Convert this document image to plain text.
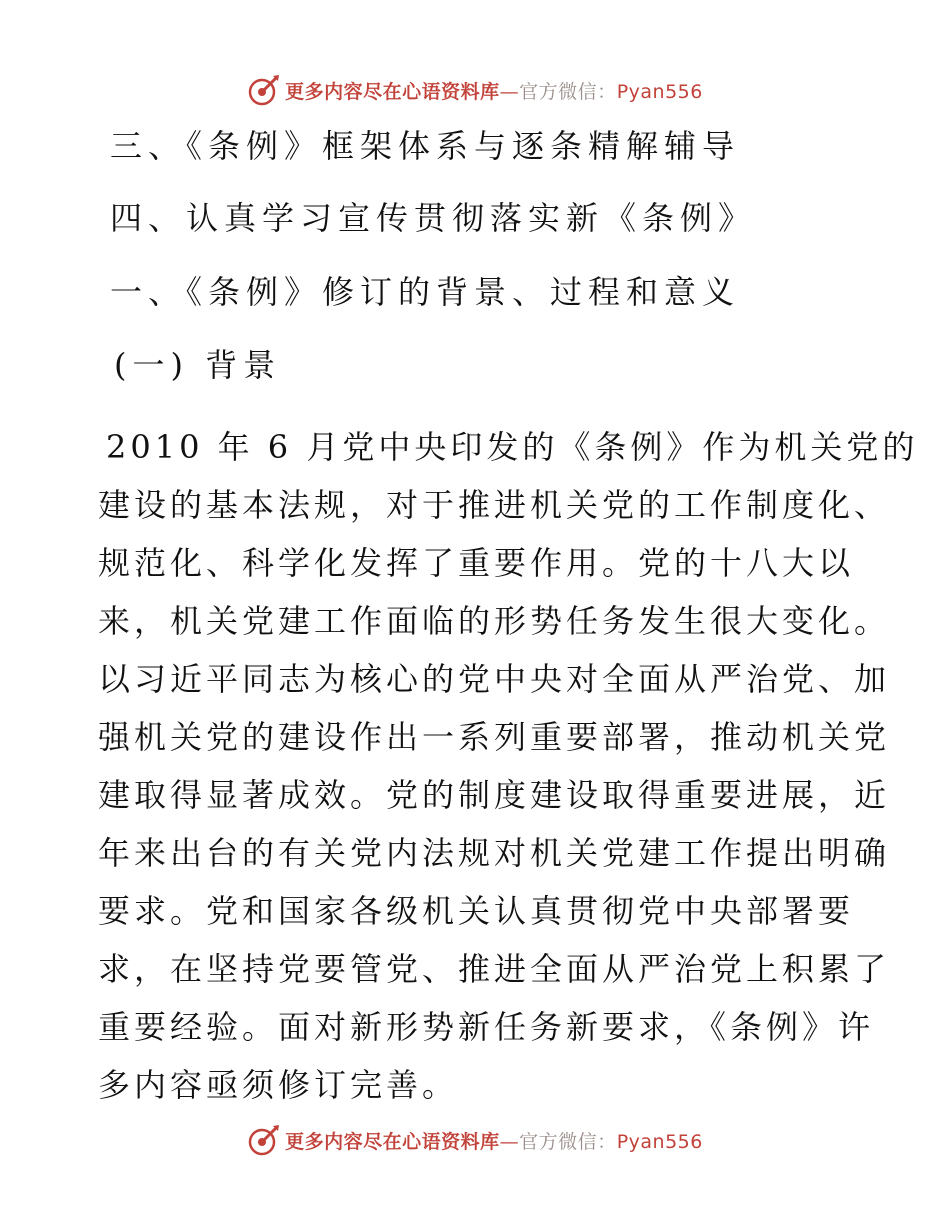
更多内容尽在心语资料库—官方微信：Pyan556
三、《条例》框架体系与逐条精解辅导
四、认真学习宣传贯彻落实新《条例》
一、《条例》修订的背景、过程和意义
(一) 背景
2010 年 6 月党中央印发的《条例》作为机关党的
建设的基本法规，对于推进机关党的工作制度化、
规范化、科学化发挥了重要作用。党的十八大以
来，机关党建工作面临的形势任务发生很大变化。
以习近平同志为核心的党中央对全面从严治党、加
强机关党的建设作出一系列重要部署，推动机关党
建取得显著成效。党的制度建设取得重要进展，近
年来出台的有关党内法规对机关党建工作提出明确
要求。党和国家各级机关认真贯彻党中央部署要
求，在坚持党要管党、推进全面从严治党上积累了
重要经验。面对新形势新任务新要求，《条例》许
多内容亟须修订完善。
更多内容尽在心语资料库—官方微信：Pyan556
